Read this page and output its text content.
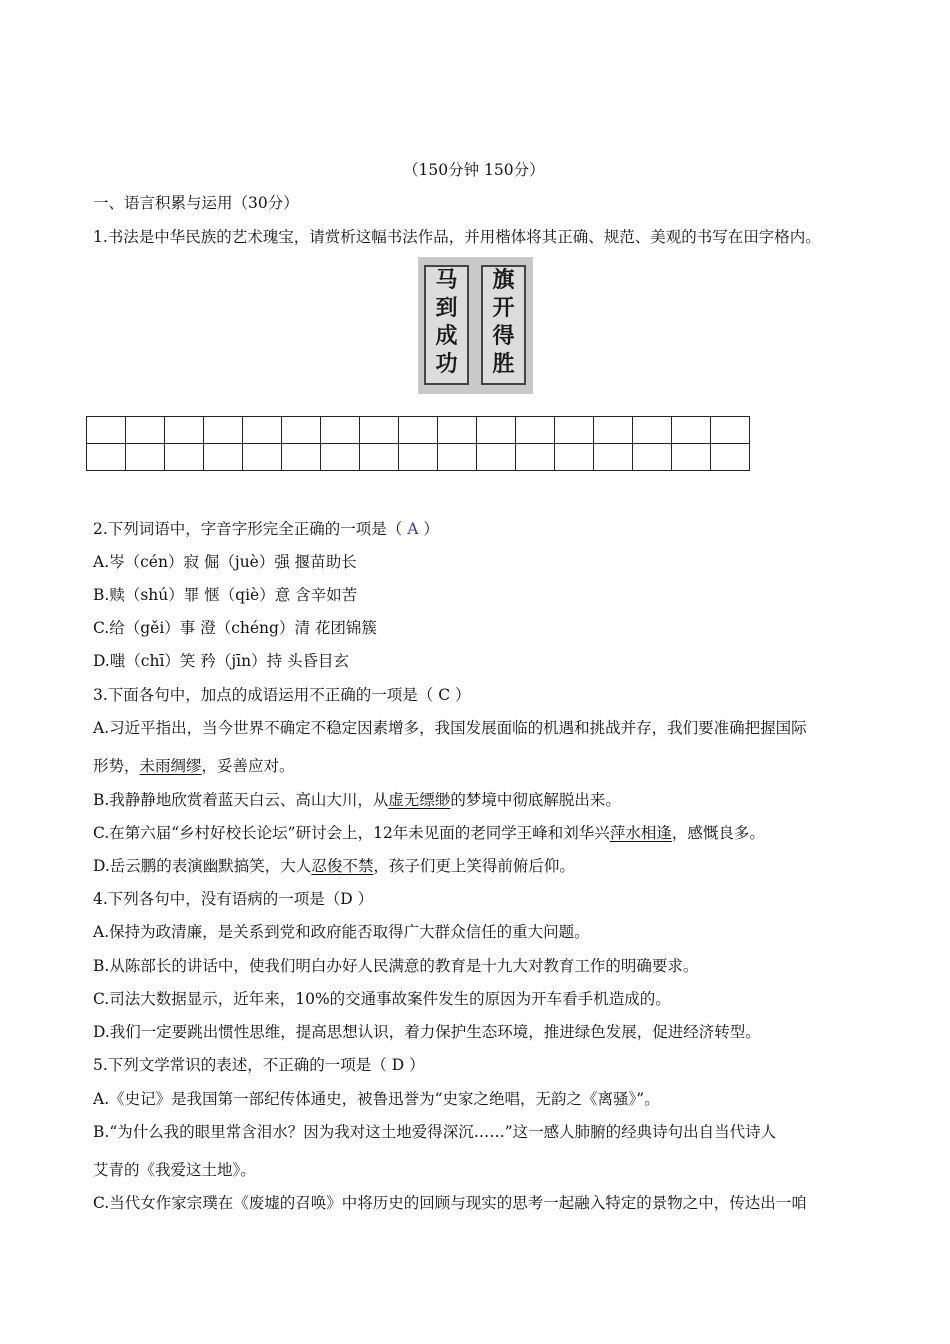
（150分钟 150分）
一、语言积累与运用（30分）
1.书法是中华民族的艺术瑰宝，请赏析这幅书法作品，并用楷体将其正确、规范、美观的书写在田字格内。
马
到
成
功
旗
开
得
胜

2.下列词语中，字音字形完全正确的一项是（ A ）
A.岑（cén）寂 倔（juè）强 揠苗助长
B.赎（shú）罪 惬（qiè）意 含辛如苦
C.给（gěi）事 澄（chéng）清 花团锦簇
D.嗤（chī）笑 矜（jīn）持 头昏目玄
3.下面各句中，加点的成语运用不正确的一项是（ C ）
A.习近平指出，当今世界不确定不稳定因素增多，我国发展面临的机遇和挑战并存，我们要准确把握国际
形势，未雨绸缪，妥善应对。
B.我静静地欣赏着蓝天白云、高山大川，从虚无缥缈的梦境中彻底解脱出来。
C.在第六届“乡村好校长论坛”研讨会上，12年未见面的老同学王峰和刘华兴萍水相逢，感慨良多。
D.岳云鹏的表演幽默搞笑，大人忍俊不禁，孩子们更上笑得前俯后仰。
4.下列各句中，没有语病的一项是（D ）
A.保持为政清廉，是关系到党和政府能否取得广大群众信任的重大问题。
B.从陈部长的讲话中，使我们明白办好人民满意的教育是十九大对教育工作的明确要求。
C.司法大数据显示，近年来，10%的交通事故案件发生的原因为开车看手机造成的。
D.我们一定要跳出惯性思维，提高思想认识，着力保护生态环境，推进绿色发展，促进经济转型。
5.下列文学常识的表述，不正确的一项是（ D ）
A.《史记》是我国第一部纪传体通史，被鲁迅誉为“史家之绝唱，无韵之《离骚》”。
B.“为什么我的眼里常含泪水？因为我对这土地爱得深沉……”这一感人肺腑的经典诗句出自当代诗人
艾青的《我爱这土地》。
C.当代女作家宗璞在《废墟的召唤》中将历史的回顾与现实的思考一起融入特定的景物之中，传达出一咱
